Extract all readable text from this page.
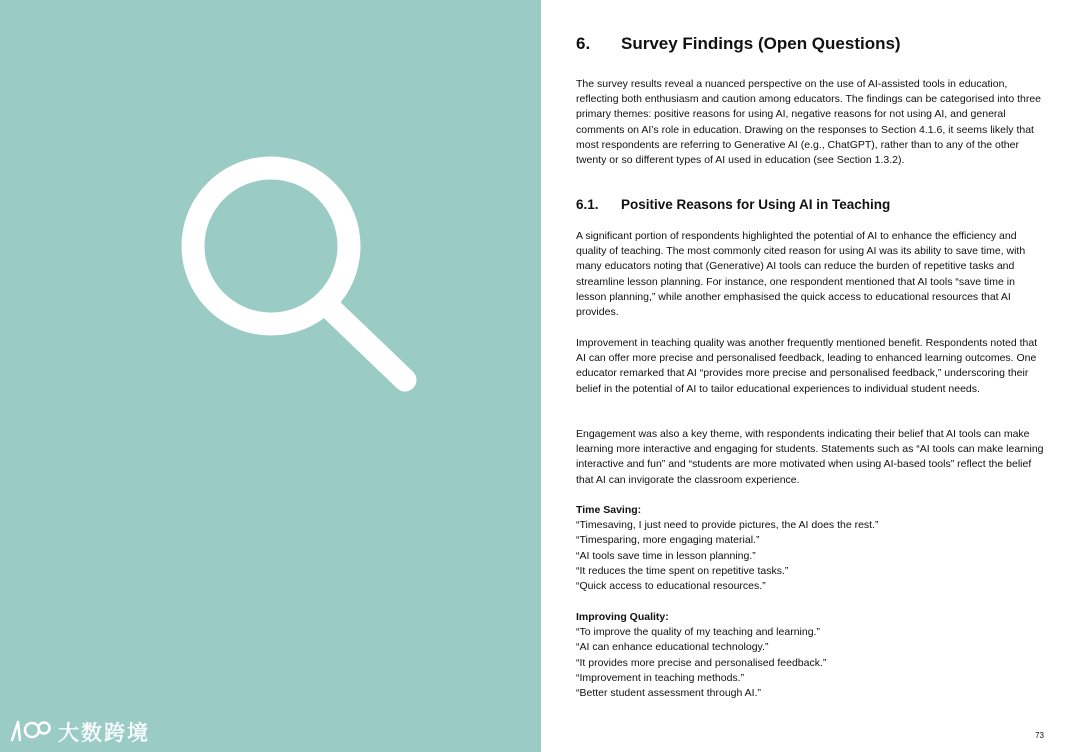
大数跨境
6. Survey Findings (Open Questions)

The survey results reveal a nuanced perspective on the use of AI-assisted tools in education, reflecting both enthusiasm and caution among educators. The findings can be categorised into three primary themes: positive reasons for using AI, negative reasons for not using AI, and general comments on AI’s role in education. Drawing on the responses to Section 4.1.6, it seems likely that most respondents are referring to Generative AI (e.g., ChatGPT), rather than to any of the other twenty or so different types of AI used in education (see Section 1.3.2).

6.1. Positive Reasons for Using AI in Teaching

A significant portion of respondents highlighted the potential of AI to enhance the efficiency and quality of teaching. The most commonly cited reason for using AI was its ability to save time, with many educators noting that (Generative) AI tools can reduce the burden of repetitive tasks and streamline lesson planning. For instance, one respondent mentioned that AI tools “save time in lesson planning,” while another emphasised the quick access to educational resources that AI provides.

Improvement in teaching quality was another frequently mentioned benefit. Respondents noted that AI can offer more precise and personalised feedback, leading to enhanced learning outcomes. One educator remarked that AI “provides more precise and personalised feedback,” underscoring their belief in the potential of AI to tailor educational experiences to individual student needs.

Engagement was also a key theme, with respondents indicating their belief that AI tools can make learning more interactive and engaging for students. Statements such as “AI tools can make learning interactive and fun” and “students are more motivated when using AI-based tools” reflect the belief that AI can invigorate the classroom experience.

Time Saving:
“Timesaving, I just need to provide pictures, the AI does the rest.”
“Timesparing, more engaging material.”
“AI tools save time in lesson planning.”
“It reduces the time spent on repetitive tasks.”
“Quick access to educational resources.”
Improving Quality:
“To improve the quality of my teaching and learning.”
“AI can enhance educational technology.”
“It provides more precise and personalised feedback.”
“Improvement in teaching methods.”
“Better student assessment through AI.”
73
